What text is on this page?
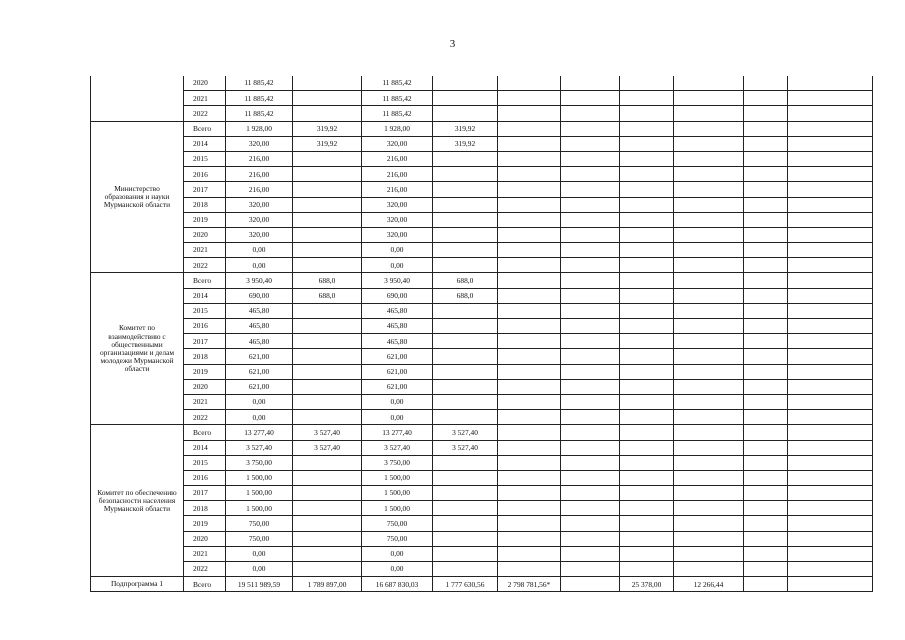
3
	2020	11 885,42		11 885,42							
	2021	11 885,42		11 885,42							
	2022	11 885,42		11 885,42							
Министерство образования и науки Мурманской области	Всего	1 928,00	319,92	1 928,00	319,92						
	2014	320,00	319,92	320,00	319,92						
	2015	216,00		216,00							
	2016	216,00		216,00							
	2017	216,00		216,00							
	2018	320,00		320,00							
	2019	320,00		320,00							
	2020	320,00		320,00							
	2021	0,00		0,00							
	2022	0,00		0,00							
Комитет по взаимодействию с общественными организациями и делам молодежи Мурманской области	Всего	3 950,40	688,0	3 950,40	688,0						
	2014	690,00	688,0	690,00	688,0						
	2015	465,80		465,80							
	2016	465,80		465,80							
	2017	465,80		465,80							
	2018	621,00		621,00							
	2019	621,00		621,00							
	2020	621,00		621,00							
	2021	0,00		0,00							
	2022	0,00		0,00							
Комитет по обеспечению безопасности населения Мурманской области	Всего	13 277,40	3 527,40	13 277,40	3 527,40						
	2014	3 527,40	3 527,40	3 527,40	3 527,40						
	2015	3 750,00		3 750,00							
	2016	1 500,00		1 500,00							
	2017	1 500,00		1 500,00							
	2018	1 500,00		1 500,00							
	2019	750,00		750,00							
	2020	750,00		750,00							
	2021	0,00		0,00							
	2022	0,00		0,00							
Подпрограмма 1	Всего	19 511 989,59	1 789 897,00	16 687 830,03	1 777 630,56	2 798 781,56*		25 378,00	12 266,44		
